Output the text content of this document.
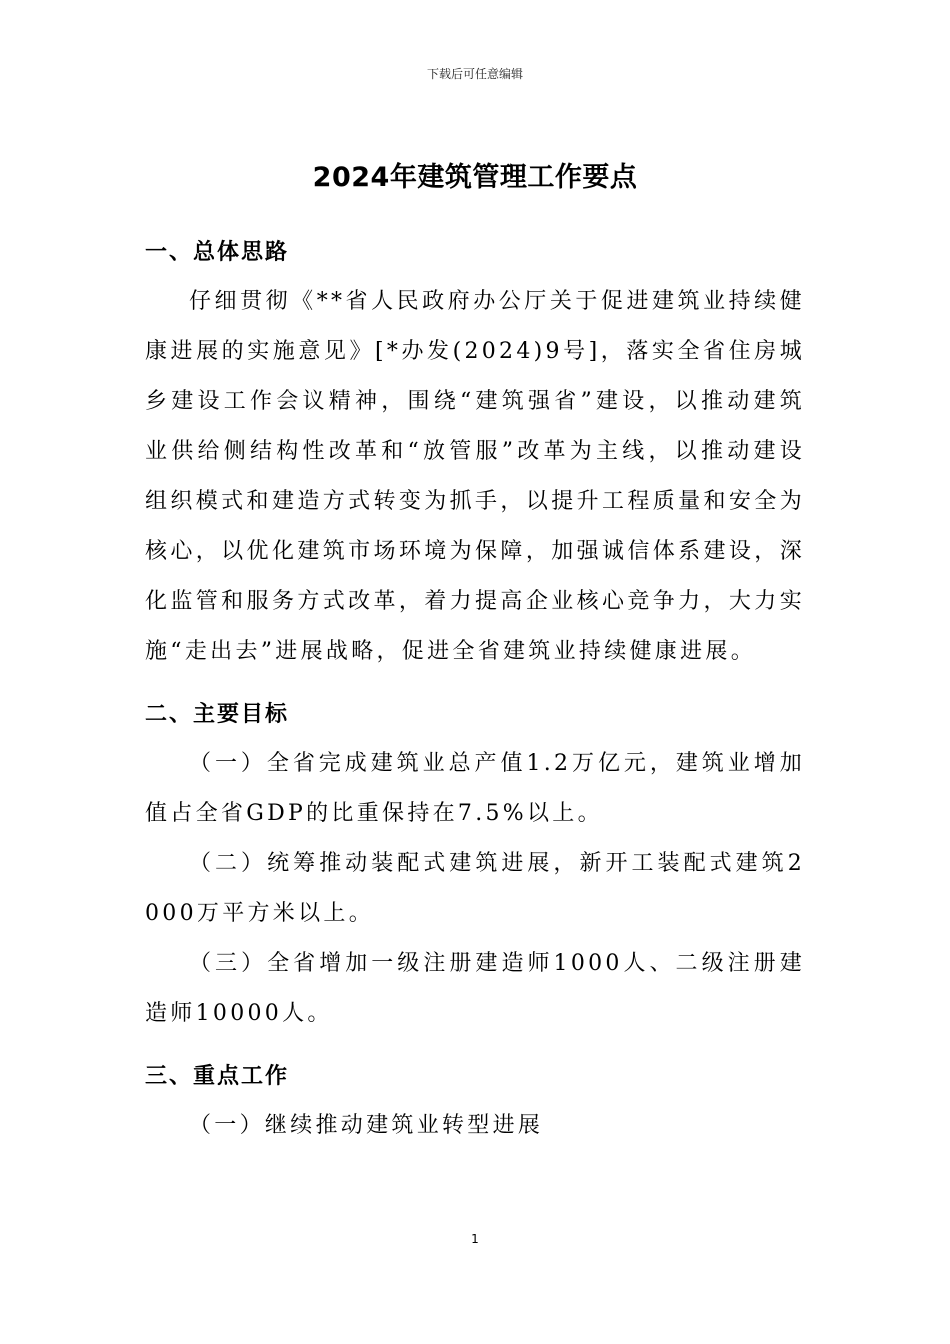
下载后可任意编辑
2024年建筑管理工作要点

一、总体思路

仔细贯彻《**省人民政府办公厅关于促进建筑业持续健康进展的实施意见》[*办发(2024)9号]，落实全省住房城乡建设工作会议精神，围绕“建筑强省”建设，以推动建筑业供给侧结构性改革和“放管服”改革为主线，以推动建设组织模式和建造方式转变为抓手，以提升工程质量和安全为核心，以优化建筑市场环境为保障，加强诚信体系建设，深化监管和服务方式改革，着力提高企业核心竞争力，大力实施“走出去”进展战略，促进全省建筑业持续健康进展。

二、主要目标

（一）全省完成建筑业总产值1.2万亿元，建筑业增加值占全省GDP的比重保持在7.5%以上。

（二）统筹推动装配式建筑进展，新开工装配式建筑2000万平方米以上。

（三）全省增加一级注册建造师1000人、二级注册建造师10000人。

三、重点工作

（一）继续推动建筑业转型进展

1
